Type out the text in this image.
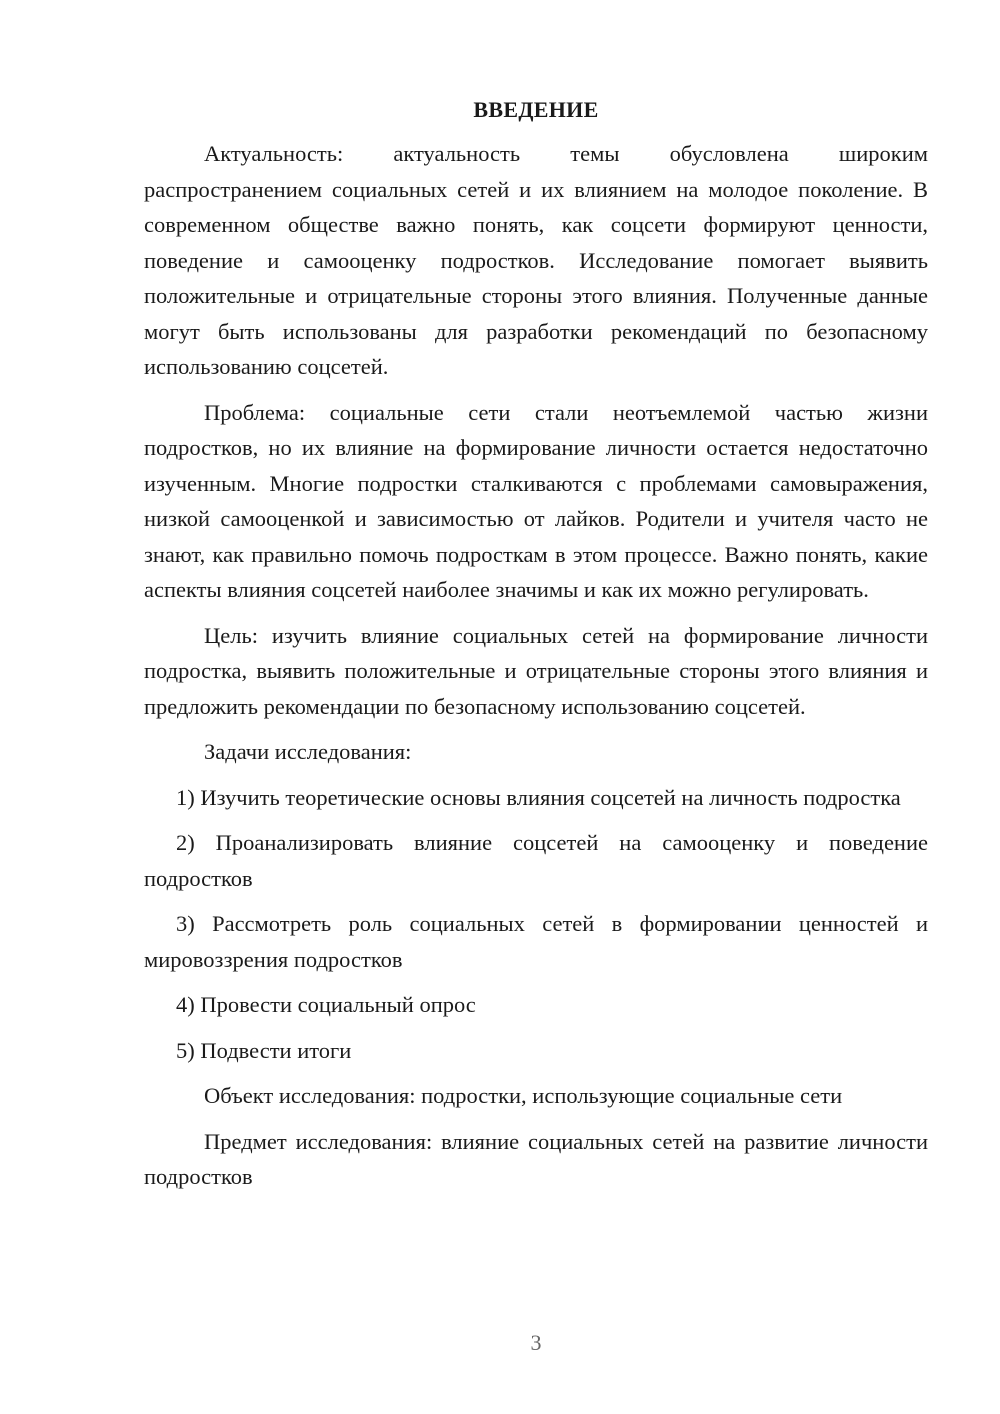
ВВЕДЕНИЕ

Актуальность: актуальность темы обусловлена широким распространением социальных сетей и их влиянием на молодое поколение. В современном обществе важно понять, как соцсети формируют ценности, поведение и самооценку подростков. Исследование помогает выявить положительные и отрицательные стороны этого влияния. Полученные данные могут быть использованы для разработки рекомендаций по безопасному использованию соцсетей.

Проблема: социальные сети стали неотъемлемой частью жизни подростков, но их влияние на формирование личности остается недостаточно изученным. Многие подростки сталкиваются с проблемами самовыражения, низкой самооценкой и зависимостью от лайков. Родители и учителя часто не знают, как правильно помочь подросткам в этом процессе. Важно понять, какие аспекты влияния соцсетей наиболее значимы и как их можно регулировать.

Цель: изучить влияние социальных сетей на формирование личности подростка, выявить положительные и отрицательные стороны этого влияния и предложить рекомендации по безопасному использованию соцсетей.

Задачи исследования:

1) Изучить теоретические основы влияния соцсетей на личность подростка

2) Проанализировать влияние соцсетей на самооценку и поведение подростков

3) Рассмотреть роль социальных сетей в формировании ценностей и мировоззрения подростков

4) Провести социальный опрос

5) Подвести итоги

Объект исследования: подростки, использующие социальные сети

Предмет исследования: влияние социальных сетей на развитие личности подростков

3
